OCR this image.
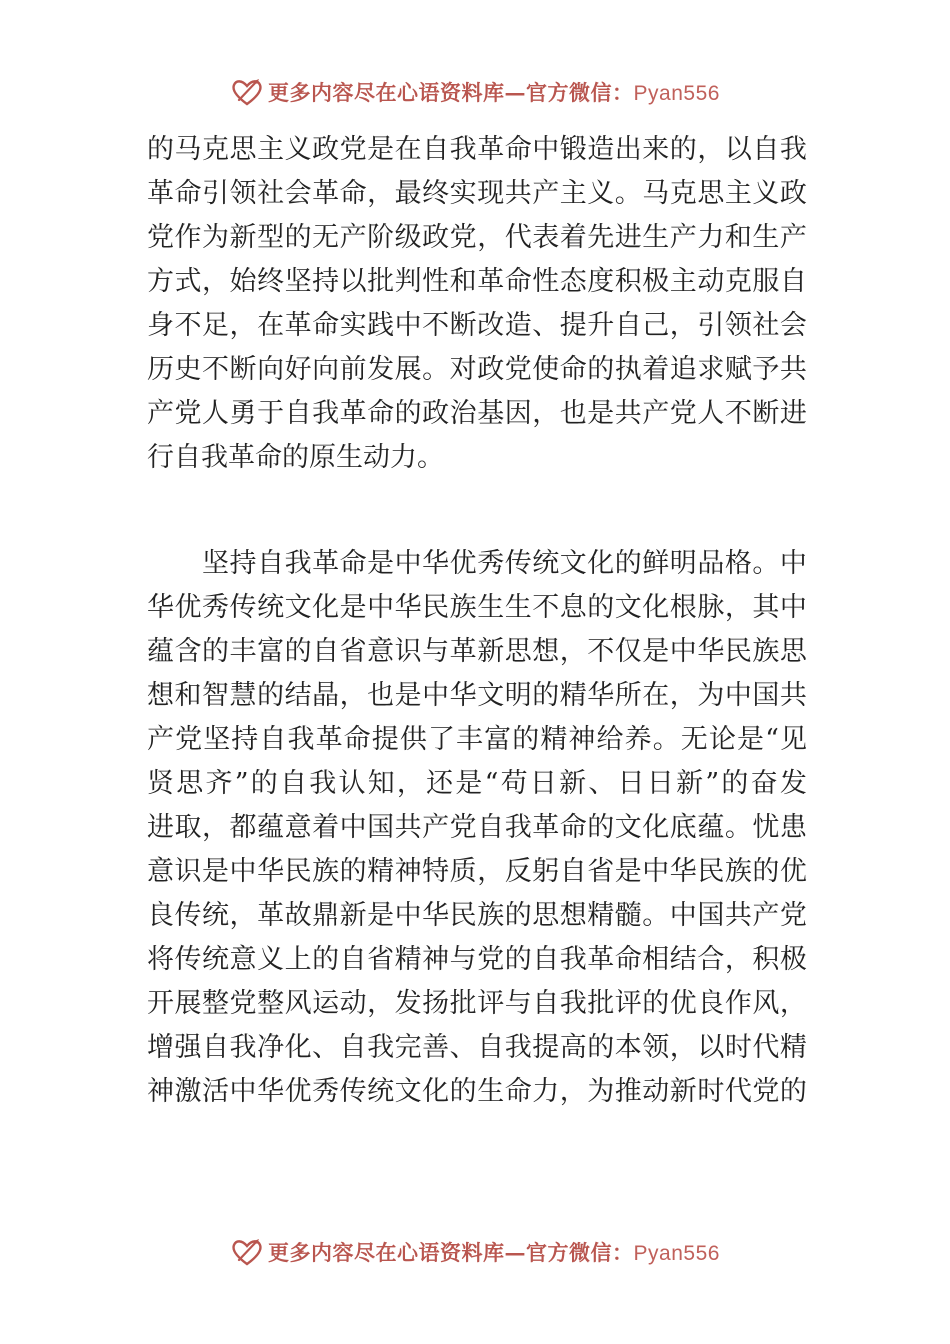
更多内容尽在心语资料库—官方微信：Pyan556
的 马 克 思 主 义 政 党 是 在 自 我 革 命 中 锻 造 出 来 的 ， 以 自 我
革 命 引 领 社 会 革 命 ， 最 终 实 现 共 产 主 义 。 马 克 思 主 义 政
党 作 为 新 型 的 无 产 阶 级 政 党 ， 代 表 着 先 进 生 产 力 和 生 产
方 式 ， 始 终 坚 持 以 批 判 性 和 革 命 性 态 度 积 极 主 动 克 服 自
身 不 足 ， 在 革 命 实 践 中 不 断 改 造 、 提 升 自 己 ， 引 领 社 会
历 史 不 断 向 好 向 前 发 展 。 对 政 党 使 命 的 执 着 追 求 赋 予 共
产 党 人 勇 于 自 我 革 命 的 政 治 基 因 ， 也 是 共 产 党 人 不 断 进
行自我革命的原生动力。

坚 持 自 我 革 命 是 中 华 优 秀 传 统 文 化 的 鲜 明 品 格 。 中
华 优 秀 传 统 文 化 是 中 华 民 族 生 生 不 息 的 文 化 根 脉 ， 其 中
蕴 含 的 丰 富 的 自 省 意 识 与 革 新 思 想 ， 不 仅 是 中 华 民 族 思
想 和 智 慧 的 结 晶 ， 也 是 中 华 文 明 的 精 华 所 在 ， 为 中 国 共
产 党 坚 持 自 我 革 命 提 供 了 丰 富 的 精 神 给 养 。 无 论 是 “ 见
贤 思 齐 ” 的 自 我 认 知 ， 还 是 “ 苟 日 新 、 日 日 新 ” 的 奋 发
进 取 ， 都 蕴 意 着 中 国 共 产 党 自 我 革 命 的 文 化 底 蕴 。 忧 患
意 识 是 中 华 民 族 的 精 神 特 质 ， 反 躬 自 省 是 中 华 民 族 的 优
良 传 统 ， 革 故 鼎 新 是 中 华 民 族 的 思 想 精 髓 。 中 国 共 产 党
将 传 统 意 义 上 的 自 省 精 神 与 党 的 自 我 革 命 相 结 合 ， 积 极
开 展 整 党 整 风 运 动 ， 发 扬 批 评 与 自 我 批 评 的 优 良 作 风 ，
增 强 自 我 净 化 、 自 我 完 善 、 自 我 提 高 的 本 领 ， 以 时 代 精
神 激 活 中 华 优 秀 传 统 文 化 的 生 命 力 ， 为 推 动 新 时 代 党 的
更多内容尽在心语资料库—官方微信：Pyan556
